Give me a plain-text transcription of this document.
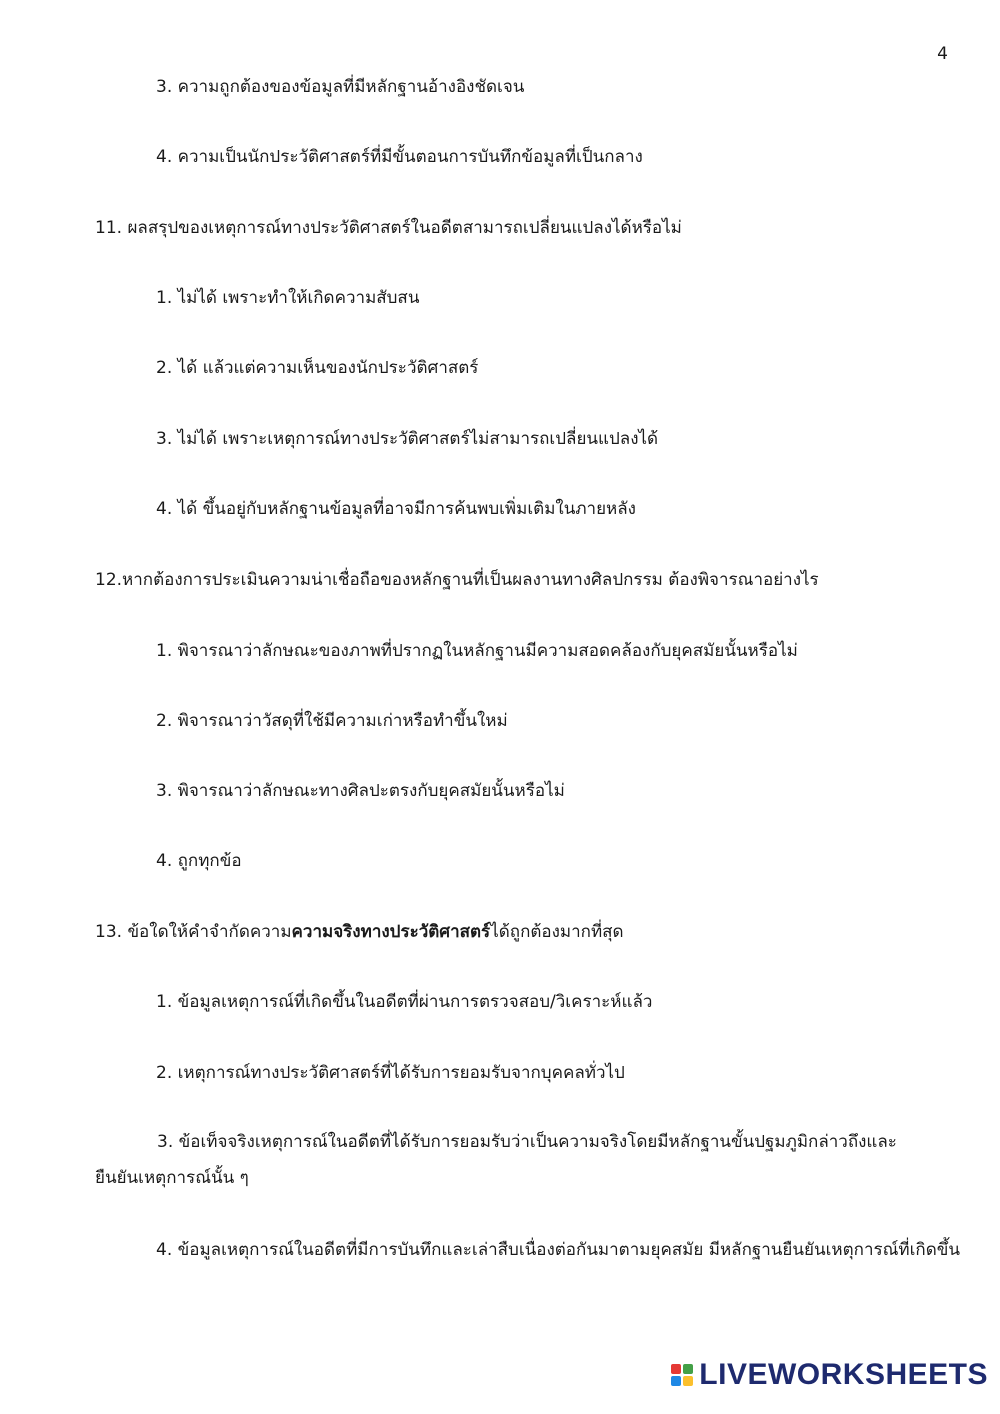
4
3. ความถูกต้องของข้อมูลที่มีหลักฐานอ้างอิงชัดเจน
4. ความเป็นนักประวัติศาสตร์ที่มีขั้นตอนการบันทึกข้อมูลที่เป็นกลาง
11. ผลสรุปของเหตุการณ์ทางประวัติศาสตร์ในอดีตสามารถเปลี่ยนแปลงได้หรือไม่
1. ไม่ได้ เพราะทำให้เกิดความสับสน
2. ได้ แล้วแต่ความเห็นของนักประวัติศาสตร์
3. ไม่ได้ เพราะเหตุการณ์ทางประวัติศาสตร์ไม่สามารถเปลี่ยนแปลงได้
4. ได้ ขึ้นอยู่กับหลักฐานข้อมูลที่อาจมีการค้นพบเพิ่มเติมในภายหลัง
12.หากต้องการประเมินความน่าเชื่อถือของหลักฐานที่เป็นผลงานทางศิลปกรรม ต้องพิจารณาอย่างไร
1. พิจารณาว่าลักษณะของภาพที่ปรากฏในหลักฐานมีความสอดคล้องกับยุคสมัยนั้นหรือไม่
2. พิจารณาว่าวัสดุที่ใช้มีความเก่าหรือทำขึ้นใหม่
3. พิจารณาว่าลักษณะทางศิลปะตรงกับยุคสมัยนั้นหรือไม่
4. ถูกทุกข้อ
13. ข้อใดให้คำจำกัดความความจริงทางประวัติศาสตร์ได้ถูกต้องมากที่สุด
1. ข้อมูลเหตุการณ์ที่เกิดขึ้นในอดีตที่ผ่านการตรวจสอบ/วิเคราะห์แล้ว
2. เหตุการณ์ทางประวัติศาสตร์ที่ได้รับการยอมรับจากบุคคลทั่วไป
3. ข้อเท็จจริงเหตุการณ์ในอดีตที่ได้รับการยอมรับว่าเป็นความจริงโดยมีหลักฐานขั้นปฐมภูมิกล่าวถึงและยืนยันเหตุการณ์นั้น ๆ
4. ข้อมูลเหตุการณ์ในอดีตที่มีการบันทึกและเล่าสืบเนื่องต่อกันมาตามยุคสมัย มีหลักฐานยืนยันเหตุการณ์ที่เกิดขึ้น
LIVEWORKSHEETS
